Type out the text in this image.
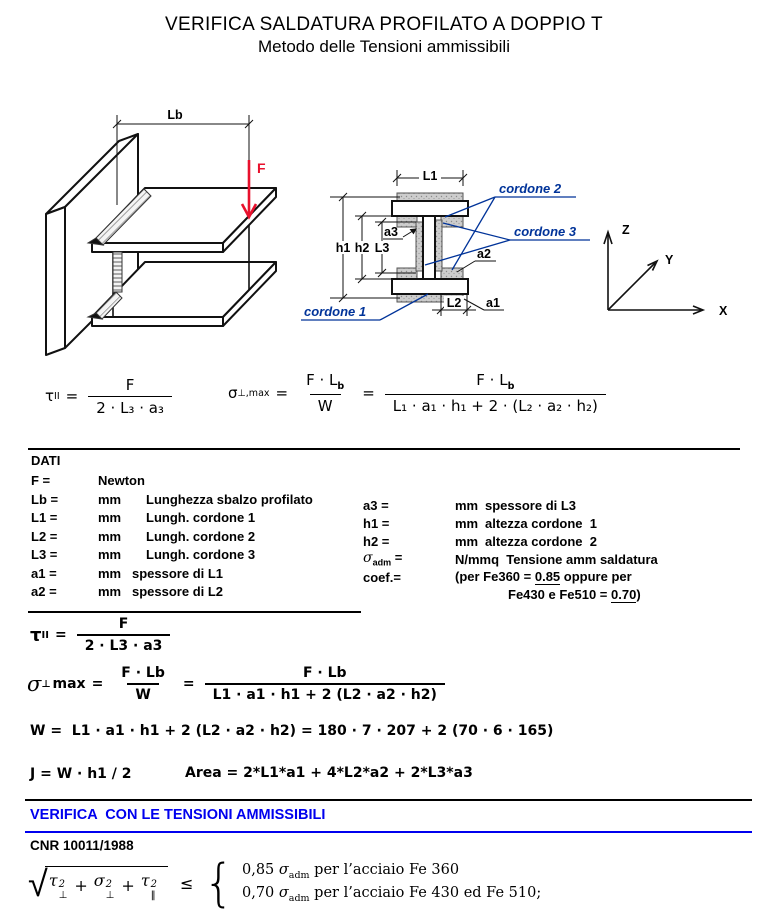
VERIFICA SALDATURA PROFILATO A DOPPIO T
Metodo delle Tensioni ammissibili
Lb
F	L1
h1 h2 L3
L2
a3
a2
a1
cordone 2
cordone 3
cordone 1	X
Z
Y
τ II = $\frac{F}{\text{2 · L₃ · a₃}}$	σ ⊥,max = $\frac{F \cdot L_b}{W} = \frac{F \cdot L_b}{\text{L₁ · a₁ · h₁ + 2 · (L₂ · a₂ · h₂)}}$
DATI
F =	Newton
Lb =	mm	Lunghezza sbalzo profilato
L1 =	mm	Lungh. cordone 1
L2 =	mm	Lungh. cordone 2
L3 =	mm	Lungh. cordone 3
a1 =	mm spessore di L1
a2 =	mm spessore di L2
a3 =	mm spessore di L3
h1 =	mm altezza cordone  1
h2 =	mm altezza cordone  2
$\sigma_{adm}$ =	N/mmq  Tensione amm saldatura
coef.=	(per Fe360 = 0.85 oppure per
Fe430 e Fe510 = 0.70)
τ II = $\frac{F}{2 \cdot L3 \cdot a3}$
σ ⊥ $\max = \frac{F \cdot Lb}{W} = \frac{F \cdot Lb}{L1 \cdot a1 \cdot h1 + 2 (L2 \cdot a2 \cdot h2)}$
W =  L1 · a1 · h1 + 2 (L2 · a2 · h2) = 180 · 7 · 207 + 2 (70 · 6 · 165)
J = W · h1 / 2	Area = 2*L1*a1 + 4*L2*a2 + 2*L3*a3
VERIFICA  CON LE TENSIONI AMMISSIBILI
CNR 10011/1988
√ τ 2
⊥
+ σ 2
⊥
+ τ 2
‖
≤ { 0,85 $\sigma_{adm}$ per l’acciaio Fe 360
0,70 $\sigma_{adm}$ per l’acciaio Fe 430 ed Fe 510;
